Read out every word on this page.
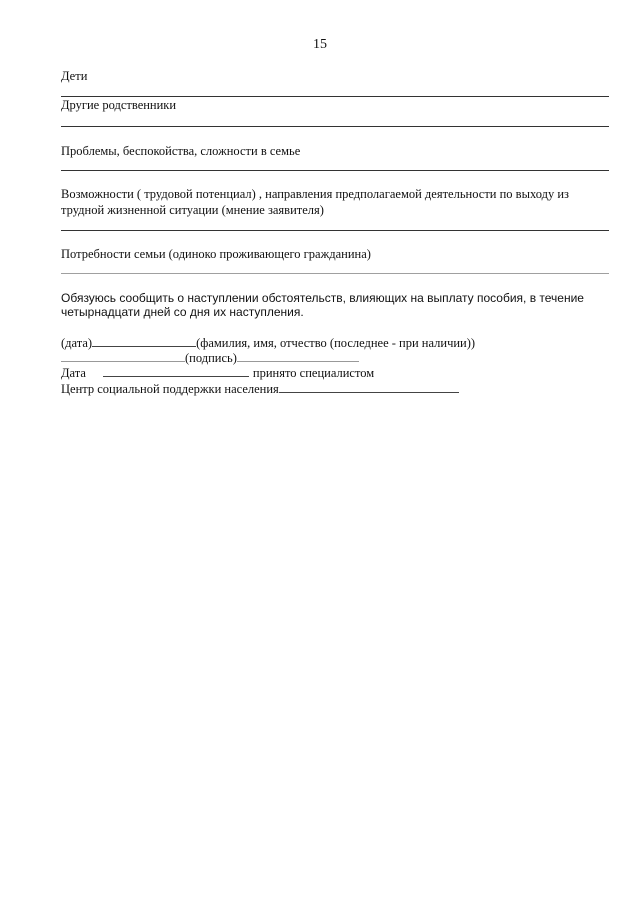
15
Дети
Другие родственники
Проблемы, беспокойства, сложности в семье
Возможности ( трудовой потенциал) , направления предполагаемой деятельности по выходу из
трудной жизненной ситуации (мнение заявителя)
Потребности семьи (одиноко проживающего гражданина)
Обязуюсь сообщить о наступлении обстоятельств, влияющих на выплату пособия, в течение
четырнадцати дней со дня их наступления.
(дата)	(фамилия, имя, отчество (последнее - при наличии))
(подпись)
Дата	принято специалистом
Центр социальной поддержки населения
